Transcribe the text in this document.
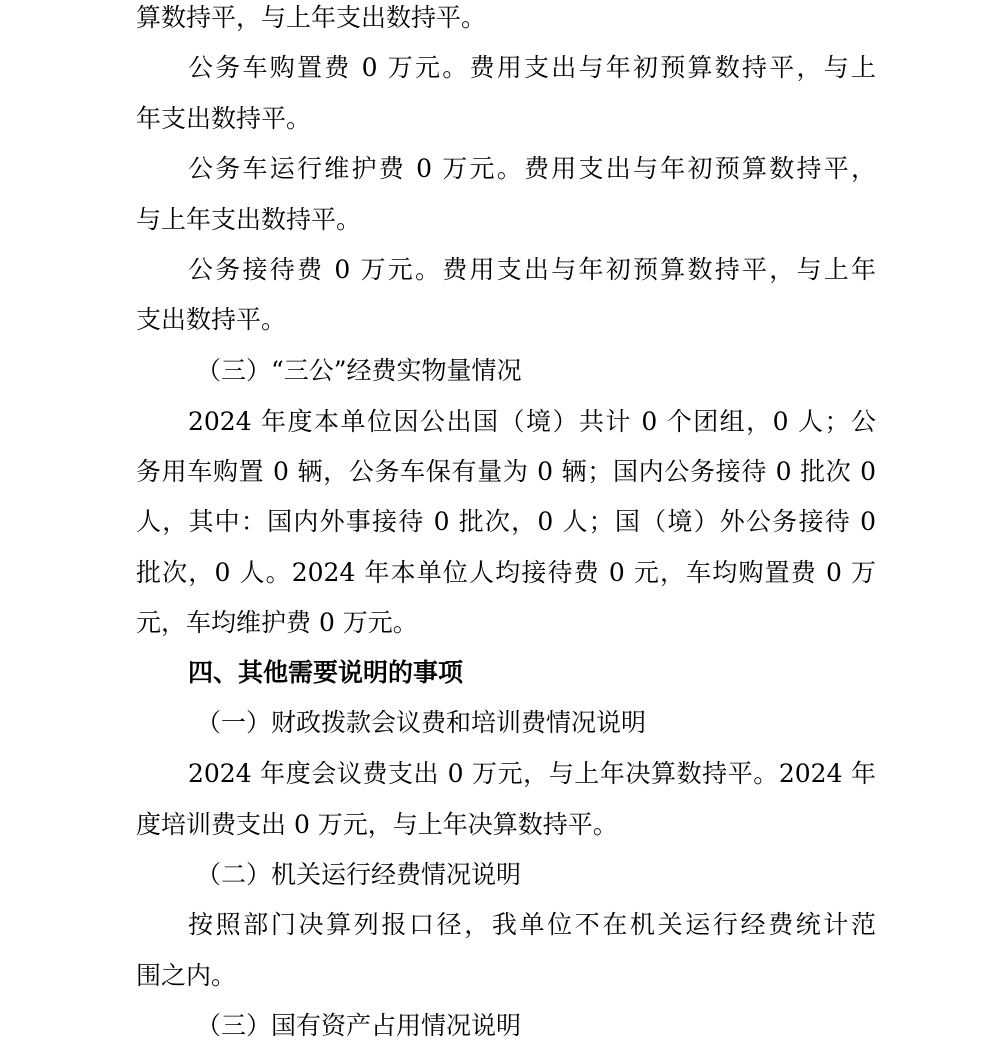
算数持平，与上年支出数持平。
公务车购置费 0 万元。费用支出与年初预算数持平，与上
年支出数持平。
公务车运行维护费 0 万元。费用支出与年初预算数持平，
与上年支出数持平。
公务接待费 0 万元。费用支出与年初预算数持平，与上年
支出数持平。
（三）“三公”经费实物量情况
2024 年度本单位因公出国（境）共计 0 个团组，0 人；公
务用车购置 0 辆，公务车保有量为 0 辆；国内公务接待 0 批次 0
人，其中：国内外事接待 0 批次，0 人；国（境）外公务接待 0
批次，0 人。2024 年本单位人均接待费 0 元，车均购置费 0 万
元，车均维护费 0 万元。
四、其他需要说明的事项
（一）财政拨款会议费和培训费情况说明
2024 年度会议费支出 0 万元，与上年决算数持平。2024 年
度培训费支出 0 万元，与上年决算数持平。
（二）机关运行经费情况说明
按照部门决算列报口径，我单位不在机关运行经费统计范
围之内。
（三）国有资产占用情况说明
